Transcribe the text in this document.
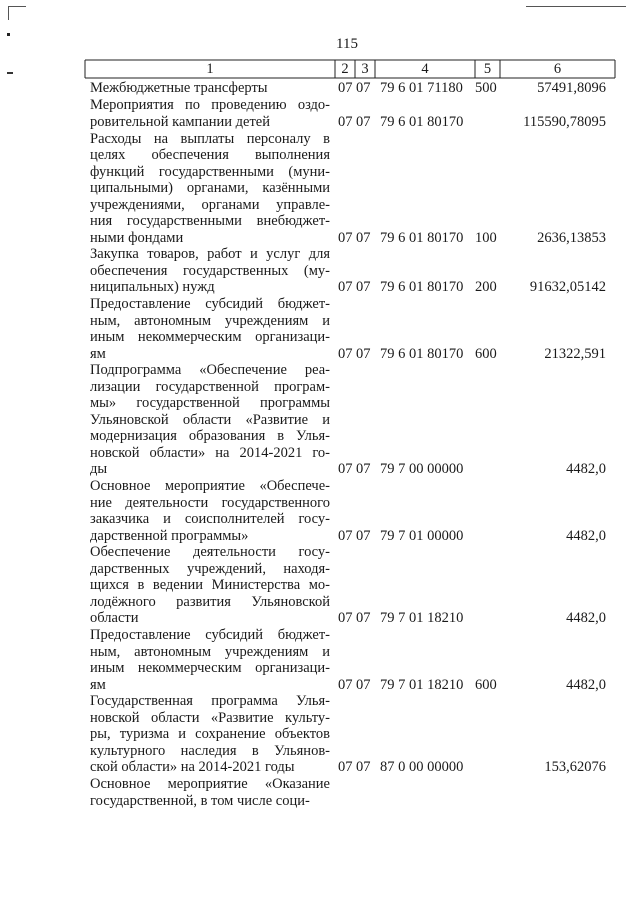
115
1	2 3	4	5	6
Межбюджетные трансферты	07 07 79 6 01 71180 500	57491,8096
Мероприятия по проведению оздо-
ровительной кампании детей	07 07 79 6 01 80170	115590,78095
Расходы на выплаты персоналу в
целях обеспечения выполнения
функций государственными (муни-
ципальными) органами, казёнными
учреждениями, органами управле-
ния государственными внебюджет-
ными фондами	07 07 79 6 01 80170 100	2636,13853
Закупка товаров, работ и услуг для
обеспечения государственных (му-
ниципальных) нужд	07 07 79 6 01 80170 200	91632,05142
Предоставление субсидий бюджет-
ным, автономным учреждениям и
иным некоммерческим организаци-
ям	07 07 79 6 01 80170 600	21322,591
Подпрограмма «Обеспечение реа-
лизации государственной програм-
мы» государственной программы
Ульяновской области «Развитие и
модернизация образования в Улья-
новской области» на 2014-2021 го-
ды	07 07 79 7 00 00000	4482,0
Основное мероприятие «Обеспече-
ние деятельности государственного
заказчика и соисполнителей госу-
дарственной программы»	07 07 79 7 01 00000	4482,0
Обеспечение деятельности госу-
дарственных учреждений, находя-
щихся в ведении Министерства мо-
лодёжного развития Ульяновской
области	07 07 79 7 01 18210	4482,0
Предоставление субсидий бюджет-
ным, автономным учреждениям и
иным некоммерческим организаци-
ям	07 07 79 7 01 18210 600	4482,0
Государственная программа Улья-
новской области «Развитие культу-
ры, туризма и сохранение объектов
культурного наследия в Ульянов-
ской области» на 2014-2021 годы	07 07 87 0 00 00000	153,62076
Основное мероприятие «Оказание
государственной, в том числе соци-
